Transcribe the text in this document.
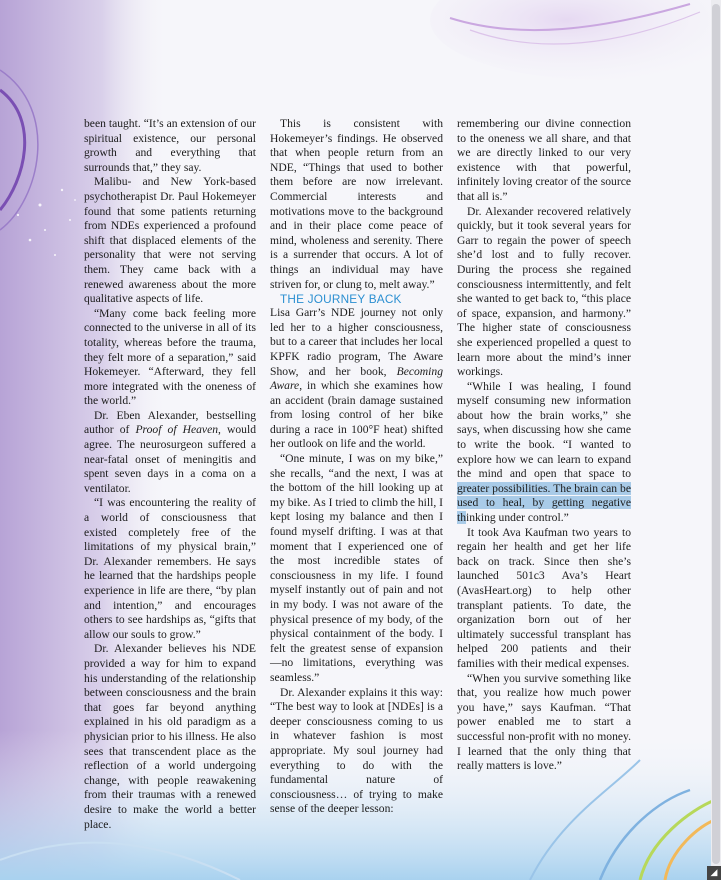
been taught. “It’s an extension of our spiritual existence, our personal growth and everything that surrounds that,” they say.

Malibu- and New York-based psychotherapist Dr. Paul Hokemeyer found that some patients returning from NDEs experienced a profound shift that displaced elements of the personality that were not serving them. They came back with a renewed awareness about the more qualitative aspects of life.

“Many come back feeling more connected to the universe in all of its totality, whereas before the trauma, they felt more of a separation,” said Hokemeyer. “Afterward, they fell more integrated with the oneness of the world.”

Dr. Eben Alexander, bestselling author of Proof of Heaven, would agree. The neurosurgeon suffered a near-fatal onset of meningitis and spent seven days in a coma on a ventilator.

“I was encountering the reality of a world of consciousness that existed completely free of the limitations of my physical brain,” Dr. Alexander remembers. He says he learned that the hardships people experience in life are there, “by plan and intention,” and encourages others to see hardships as, “gifts that allow our souls to grow.”

Dr. Alexander believes his NDE provided a way for him to expand his understanding of the relationship between consciousness and the brain that goes far beyond anything explained in his old paradigm as a physician prior to his illness. He also sees that transcendent place as the reflection of a world undergoing change, with people reawakening from their traumas with a renewed desire to make the world a better place.

This is consistent with Hokemeyer’s findings. He observed that when people return from an NDE, “Things that used to bother them before are now irrelevant. Commercial interests and motivations move to the background and in their place come peace of mind, wholeness and serenity. There is a surrender that occurs. A lot of things an individual may have striven for, or clung to, melt away.”

THE JOURNEY BACK

Lisa Garr’s NDE journey not only led her to a higher consciousness, but to a career that includes her local KPFK radio program, The Aware Show, and her book, Becoming Aware, in which she examines how an accident (brain damage sustained from losing control of her bike during a race in 100°F heat) shifted her outlook on life and the world.

“One minute, I was on my bike,” she recalls, “and the next, I was at the bottom of the hill looking up at my bike. As I tried to climb the hill, I kept losing my balance and then I found myself drifting. I was at that moment that I experienced one of the most incredible states of consciousness in my life. I found myself instantly out of pain and not in my body. I was not aware of the physical presence of my body, of the physical containment of the body. I felt the greatest sense of expansion—no limitations, everything was seamless.”

Dr. Alexander explains it this way: “The best way to look at [NDEs] is a deeper consciousness coming to us in whatever fashion is most appropriate. My soul journey had everything to do with the fundamental nature of consciousness… of trying to make sense of the deeper lesson:

remembering our divine connection to the oneness we all share, and that we are directly linked to our very existence with that powerful, infinitely loving creator of the source that all is.”

Dr. Alexander recovered relatively quickly, but it took several years for Garr to regain the power of speech she’d lost and to fully recover. During the process she regained consciousness intermittently, and felt she wanted to get back to, “this place of space, expansion, and harmony.” The higher state of consciousness she experienced propelled a quest to learn more about the mind’s inner workings.

“While I was healing, I found myself consuming new information about how the brain works,” she says, when discussing how she came to write the book. “I wanted to explore how we can learn to expand the mind and open that space to greater possibilities. The brain can be used to heal, by getting negative thinking under control.”

It took Ava Kaufman two years to regain her health and get her life back on track. Since then she’s launched 501c3 Ava’s Heart (AvasHeart.org) to help other transplant patients. To date, the organization born out of her ultimately successful transplant has helped 200 patients and their families with their medical expenses.

“When you survive something like that, you realize how much power you have,” says Kaufman. “That power enabled me to start a successful non-profit with no money. I learned that the only thing that really matters is love.”

◢
